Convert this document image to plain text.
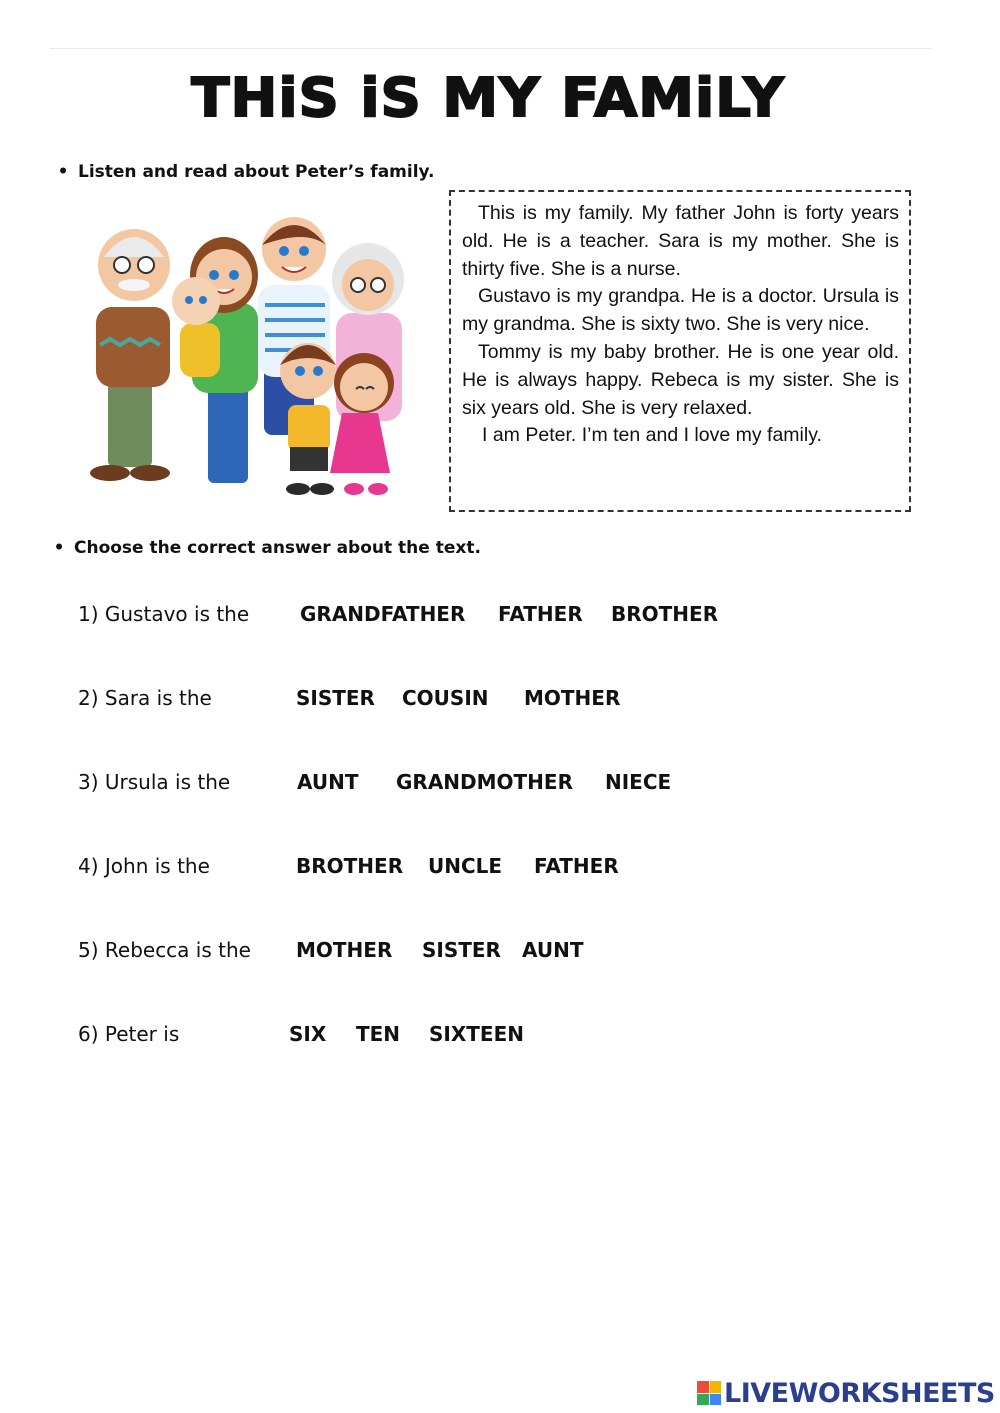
THiS iS MY FAMiLY
• Listen and read about Peter’s family.

This is my family. My father John is forty years old. He is a teacher. Sara is my mother. She is thirty five. She is a nurse.

Gustavo is my grandpa. He is a doctor. Ursula is my grandma. She is sixty two. She is very nice.

Tommy is my baby brother. He is one year old. He is always happy. Rebeca is my sister. She is six years old. She is very relaxed.

I am Peter. I’m ten and I love my family.

• Choose the correct answer about the text.
1) Gustavo is the	GRANDFATHER FATHER BROTHER
2) Sara is the	SISTER COUSIN MOTHER
3) Ursula is the	AUNT GRANDMOTHER NIECE
4) John is the	BROTHER UNCLE FATHER
5) Rebecca is the MOTHER SISTER AUNT
6) Peter is	SIX TEN SIXTEEN
LIVEWORKSHEETS
